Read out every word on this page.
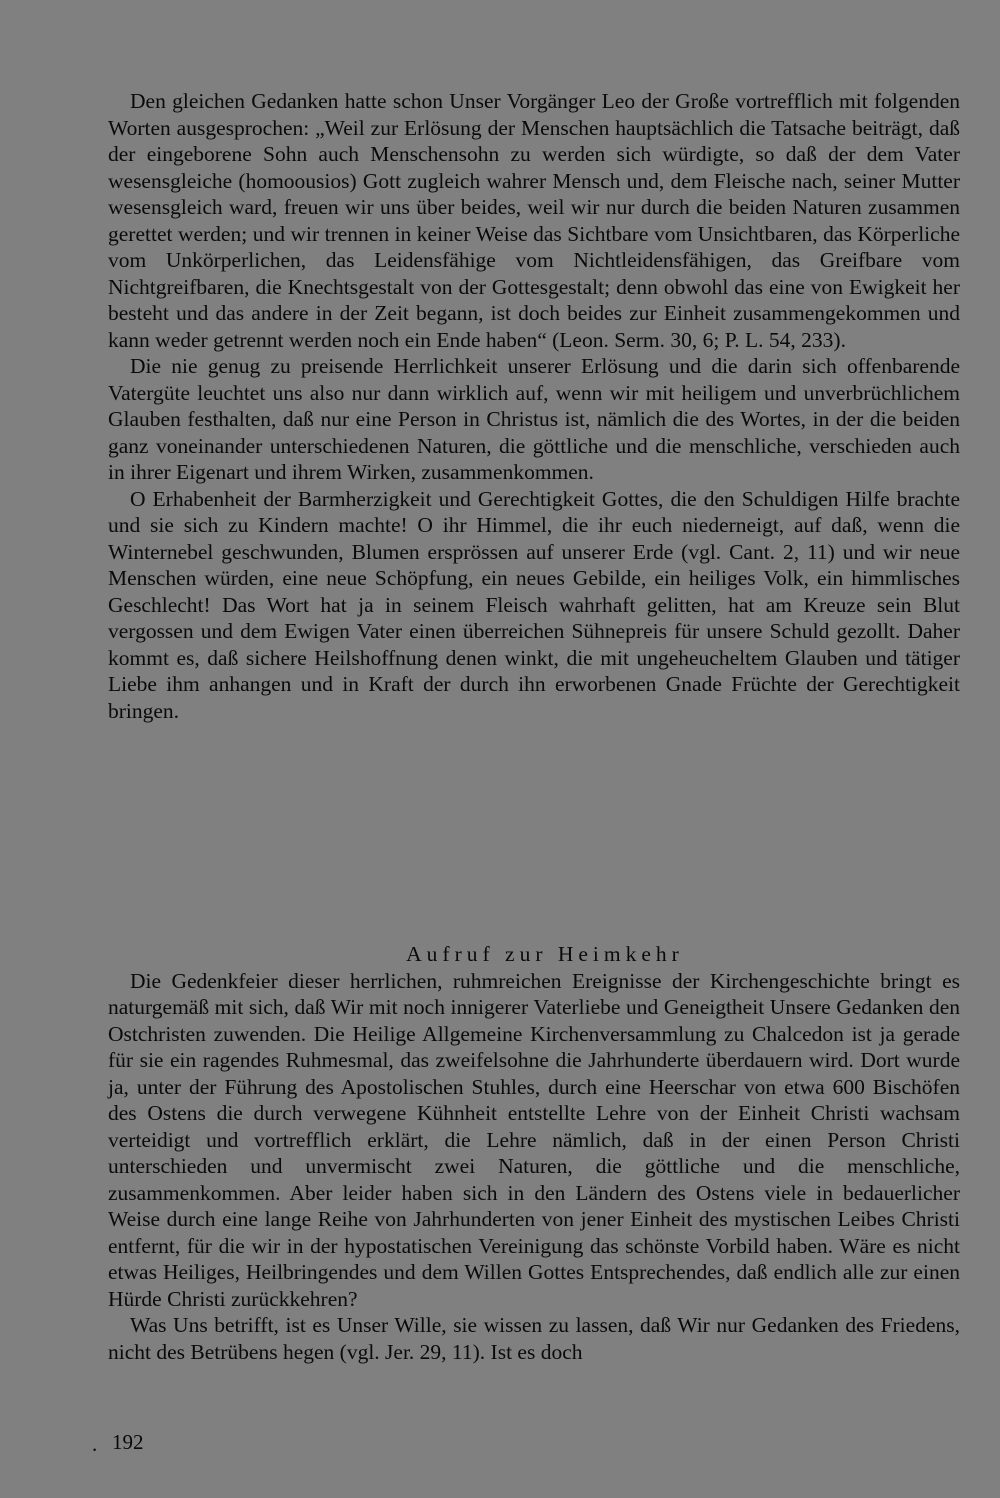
Den gleichen Gedanken hatte schon Unser Vorgänger Leo der Große vortrefflich mit folgenden Worten ausgesprochen: „Weil zur Erlösung der Menschen hauptsächlich die Tatsache beiträgt, daß der eingeborene Sohn auch Menschensohn zu werden sich würdigte, so daß der dem Vater wesensgleiche (homoousios) Gott zugleich wahrer Mensch und, dem Fleische nach, seiner Mutter wesensgleich ward, freuen wir uns über beides, weil wir nur durch die beiden Naturen zusammen gerettet werden; und wir trennen in keiner Weise das Sichtbare vom Unsichtbaren, das Körperliche vom Unkörperlichen, das Leidensfähige vom Nichtleidensfähigen, das Greifbare vom Nichtgreifbaren, die Knechtsgestalt von der Gottesgestalt; denn obwohl das eine von Ewigkeit her besteht und das andere in der Zeit begann, ist doch beides zur Einheit zusammengekommen und kann weder getrennt werden noch ein Ende haben“ (Leon. Serm. 30, 6; P. L. 54, 233).

Die nie genug zu preisende Herrlichkeit unserer Erlösung und die darin sich offenbarende Vatergüte leuchtet uns also nur dann wirklich auf, wenn wir mit heiligem und unverbrüchlichem Glauben festhalten, daß nur eine Person in Christus ist, nämlich die des Wortes, in der die beiden ganz voneinander unterschiedenen Naturen, die göttliche und die menschliche, verschieden auch in ihrer Eigenart und ihrem Wirken, zusammenkommen.

O Erhabenheit der Barmherzigkeit und Gerechtigkeit Gottes, die den Schuldigen Hilfe brachte und sie sich zu Kindern machte! O ihr Himmel, die ihr euch niederneigt, auf daß, wenn die Winternebel geschwunden, Blumen ersprössen auf unserer Erde (vgl. Cant. 2, 11) und wir neue Menschen würden, eine neue Schöpfung, ein neues Gebilde, ein heiliges Volk, ein himmlisches Geschlecht! Das Wort hat ja in seinem Fleisch wahrhaft gelitten, hat am Kreuze sein Blut vergossen und dem Ewigen Vater einen überreichen Sühnepreis für unsere Schuld gezollt. Daher kommt es, daß sichere Heilshoffnung denen winkt, die mit ungeheucheltem Glauben und tätiger Liebe ihm anhangen und in Kraft der durch ihn erworbenen Gnade Früchte der Gerechtigkeit bringen.

Aufruf zur Heimkehr

Die Gedenkfeier dieser herrlichen, ruhmreichen Ereignisse der Kirchengeschichte bringt es naturgemäß mit sich, daß Wir mit noch innigerer Vaterliebe und Geneigtheit Unsere Gedanken den Ostchristen zuwenden. Die Heilige Allgemeine Kirchenversammlung zu Chalcedon ist ja gerade für sie ein ragendes Ruhmesmal, das zweifelsohne die Jahrhunderte überdauern wird. Dort wurde ja, unter der Führung des Apostolischen Stuhles, durch eine Heerschar von etwa 600 Bischöfen des Ostens die durch verwegene Kühnheit entstellte Lehre von der Einheit Christi wachsam verteidigt und vortrefflich erklärt, die Lehre nämlich, daß in der einen Person Christi unterschieden und unvermischt zwei Naturen, die göttliche und die menschliche, zusammenkommen. Aber leider haben sich in den Ländern des Ostens viele in bedauerlicher Weise durch eine lange Reihe von Jahrhunderten von jener Einheit des mystischen Leibes Christi entfernt, für die wir in der hypostatischen Vereinigung das schönste Vorbild haben. Wäre es nicht etwas Heiliges, Heilbringendes und dem Willen Gottes Entsprechendes, daß endlich alle zur einen Hürde Christi zurückkehren?

Was Uns betrifft, ist es Unser Wille, sie wissen zu lassen, daß Wir nur Gedanken des Friedens, nicht des Betrübens hegen (vgl. Jer. 29, 11). Ist es doch

. 192
